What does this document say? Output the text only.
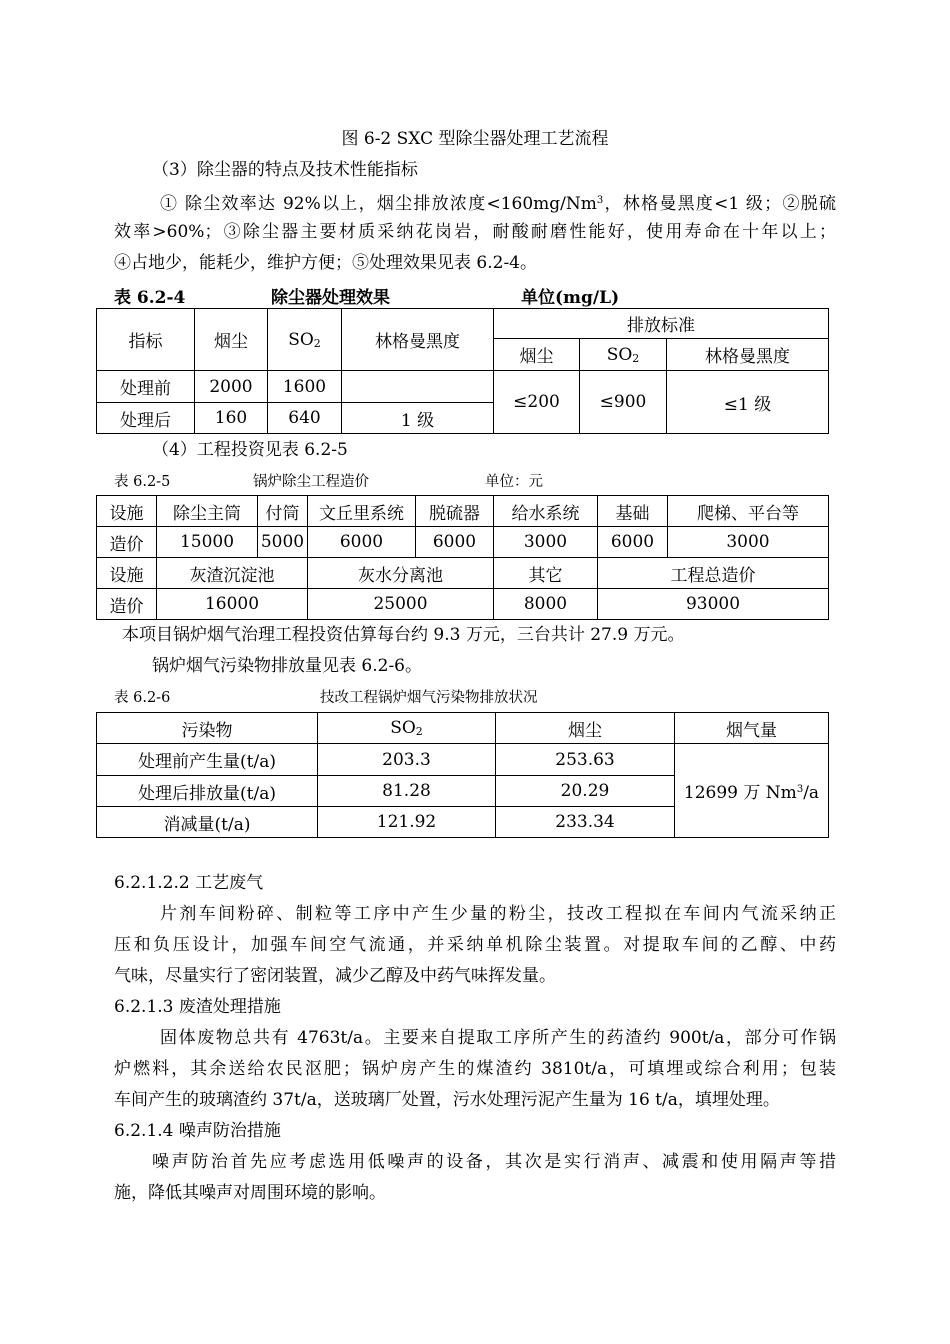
图 6-2 SXC 型除尘器处理工艺流程
（3）除尘器的特点及技术性能指标
① 除尘效率达 92%以上，烟尘排放浓度$<160mg/Nm^3$，林格曼黑度<1 级；②脱硫
效率>60%；③除尘器主要材质采纳花岗岩，耐酸耐磨性能好，使用寿命在十年以上；
④占地少，能耗少，维护方便；⑤处理效果见表 6.2-4。
表 6.2-4	除尘器处理效果	单位(mg/L)
指标	烟尘	$SO_2$	林格曼黑度	排放标准		
				烟尘	$SO_2$	林格曼黑度
处理前	2000	1600		≤200	≤900	≤1 级
处理后	160	640	1 级			
（4）工程投资见表 6.2-5
表 6.2-5	锅炉除尘工程造价	单位：元
设施	除尘主筒	付筒	文丘里系统	脱硫器	给水系统	基础	爬梯、平台等
造价	15000	5000	6000	6000	3000	6000	3000
设施	灰渣沉淀池		灰水分离池		其它	工程总造价	
造价	16000		25000		8000	93000	
本项目锅炉烟气治理工程投资估算每台约 9.3 万元，三台共计 27.9 万元。
锅炉烟气污染物排放量见表 6.2-6。
表 6.2-6	技改工程锅炉烟气污染物排放状况
污染物	$SO_2$	烟尘	烟气量
处理前产生量(t/a)	203.3	253.63	12699 万 Nm$^3$/a
处理后排放量(t/a)	81.28	20.29	
消减量(t/a)	121.92	233.34	
6.2.1.2.2 工艺废气
片剂车间粉碎、制粒等工序中产生少量的粉尘，技改工程拟在车间内气流采纳正
压和负压设计，加强车间空气流通，并采纳单机除尘装置。对提取车间的乙醇、中药
气味，尽量实行了密闭装置，减少乙醇及中药气味挥发量。
6.2.1.3 废渣处理措施
固体废物总共有 4763t/a。主要来自提取工序所产生的药渣约 900t/a，部分可作锅
炉燃料，其余送给农民沤肥；锅炉房产生的煤渣约 3810t/a，可填埋或综合利用；包装
车间产生的玻璃渣约 37t/a，送玻璃厂处置，污水处理污泥产生量为 16 t/a，填埋处理。
6.2.1.4 噪声防治措施
噪声防治首先应考虑选用低噪声的设备，其次是实行消声、减震和使用隔声等措
施，降低其噪声对周围环境的影响。
